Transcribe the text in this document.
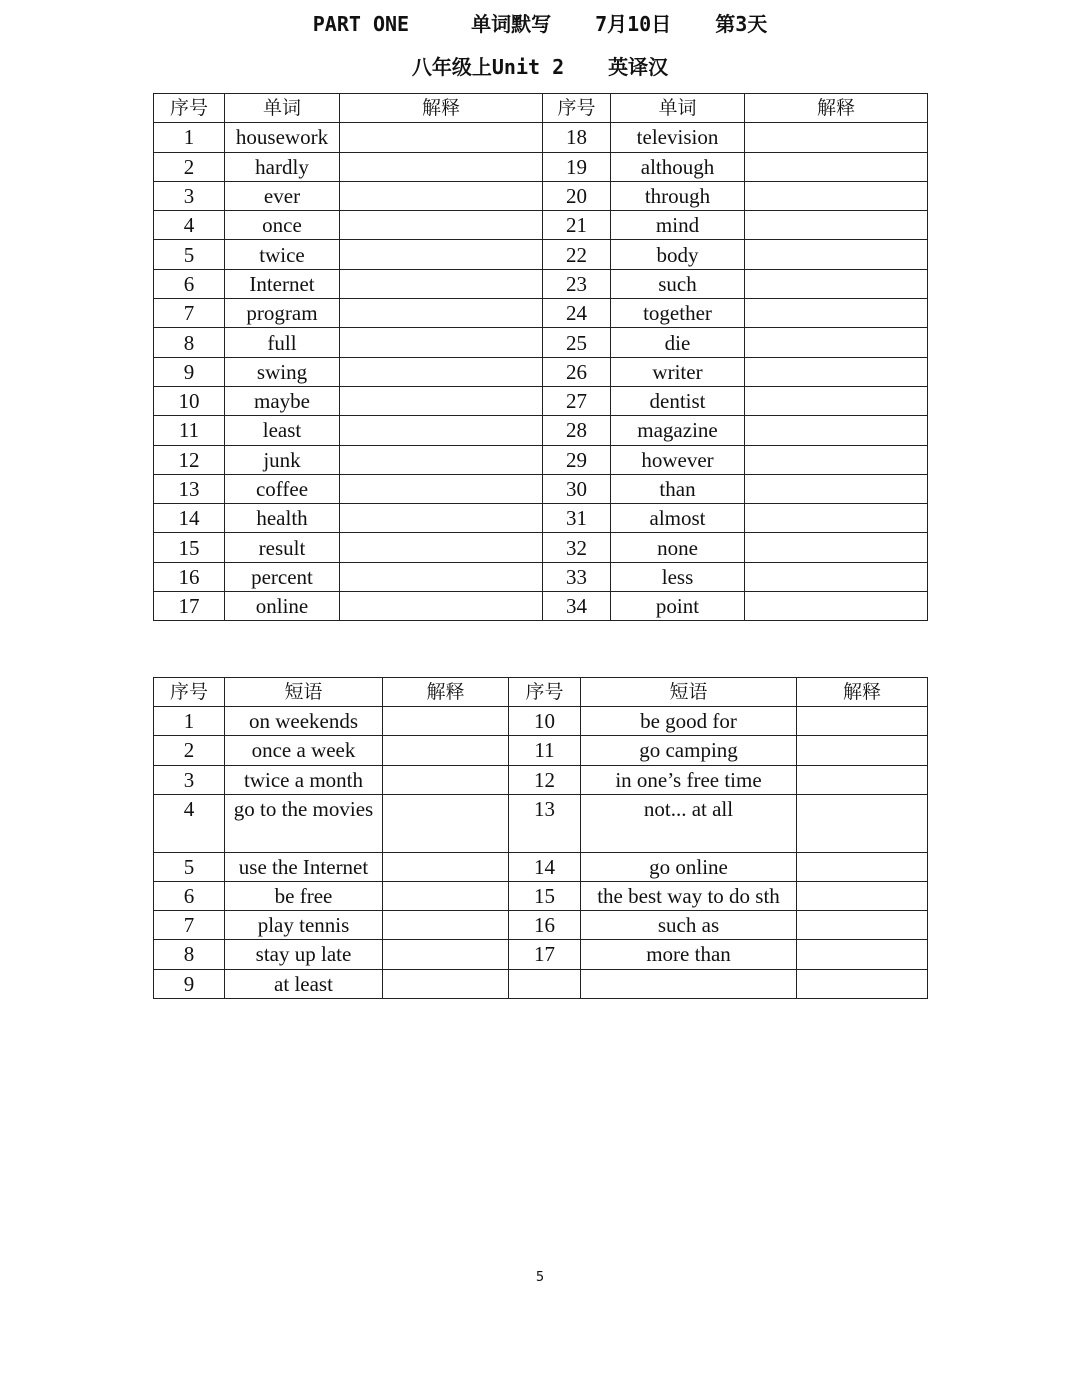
PART ONE	单词默写 7月10日 第3天
八年级上Unit 2 英译汉
序号	单词	解释	序号	单词	解释
1	housework		18	television	
2	hardly		19	although	
3	ever		20	through	
4	once		21	mind	
5	twice		22	body	
6	Internet		23	such	
7	program		24	together	
8	full		25	die	
9	swing		26	writer	
10	maybe		27	dentist	
11	least		28	magazine	
12	junk		29	however	
13	coffee		30	than	
14	health		31	almost	
15	result		32	none	
16	percent		33	less	
17	online		34	point	
序号	短语	解释	序号	短语	解释
1	on weekends		10	be good for	
2	once a week		11	go camping	
3	twice a month		12	in one’s free time	
4	go to the movies		13	not... at all	
5	use the Internet		14	go online	
6	be free		15	the best way to do sth	
7	play tennis		16	such as	
8	stay up late		17	more than	
9	at least				
5
